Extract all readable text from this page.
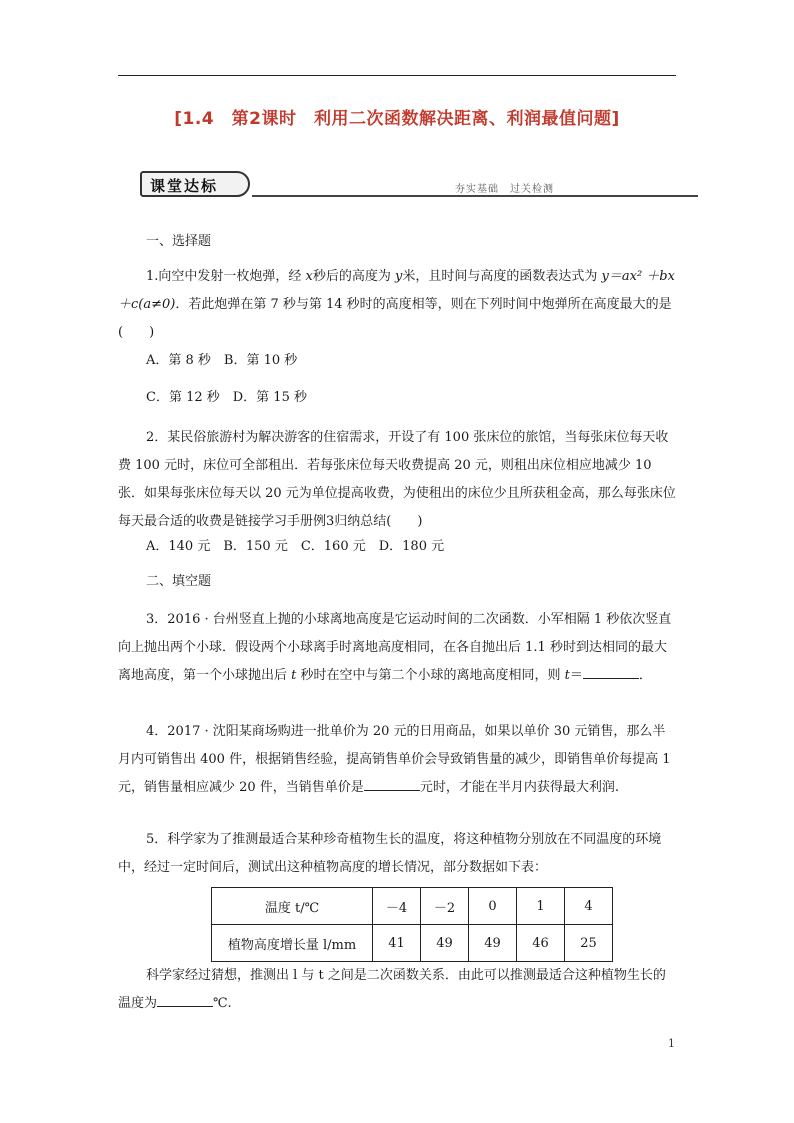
[1.4　第2课时　利用二次函数解决距离、利润最值问题]
课堂达标	夯实基础　过关检测

一、选择题

1.向空中发射一枚炮弹，经 x秒后的高度为 y米，且时间与高度的函数表达式为 y＝ax² ＋bx＋c(a≠0)．若此炮弹在第 7 秒与第 14 秒时的高度相等，则在下列时间中炮弹所在高度最大的是(　　)

A．第 8 秒　B．第 10 秒

C．第 12 秒　D．第 15 秒

2．某民俗旅游村为解决游客的住宿需求，开设了有 100 张床位的旅馆，当每张床位每天收费 100 元时，床位可全部租出．若每张床位每天收费提高 20 元，则租出床位相应地减少 10 张．如果每张床位每天以 20 元为单位提高收费，为使租出的床位少且所获租金高，那么每张床位每天最合适的收费是链接学习手册例3归纳总结(　　)

A．140 元　B．150 元　C．160 元　D．180 元

二、填空题

3．2016 · 台州竖直上抛的小球离地高度是它运动时间的二次函数．小军相隔 1 秒依次竖直向上抛出两个小球．假设两个小球离手时离地高度相同，在各自抛出后 1.1 秒时到达相同的最大离地高度，第一个小球抛出后 t 秒时在空中与第二个小球的离地高度相同，则 t＝	．

4．2017 · 沈阳某商场购进一批单价为 20 元的日用商品，如果以单价 30 元销售，那么半月内可销售出 400 件，根据销售经验，提高销售单价会导致销售量的减少，即销售单价每提高 1 元，销售量相应减少 20 件，当销售单价是	元时，才能在半月内获得最大利润.

5．科学家为了推测最适合某种珍奇植物生长的温度，将这种植物分别放在不同温度的环境中，经过一定时间后，测试出这种植物高度的增长情况，部分数据如下表：

温度 t/℃	－4	－2	0	1	4
植物高度增长量 l/mm	41	49	49	46	25

科学家经过猜想，推测出 l 与 t 之间是二次函数关系．由此可以推测最适合这种植物生长的温度为	℃.

1
